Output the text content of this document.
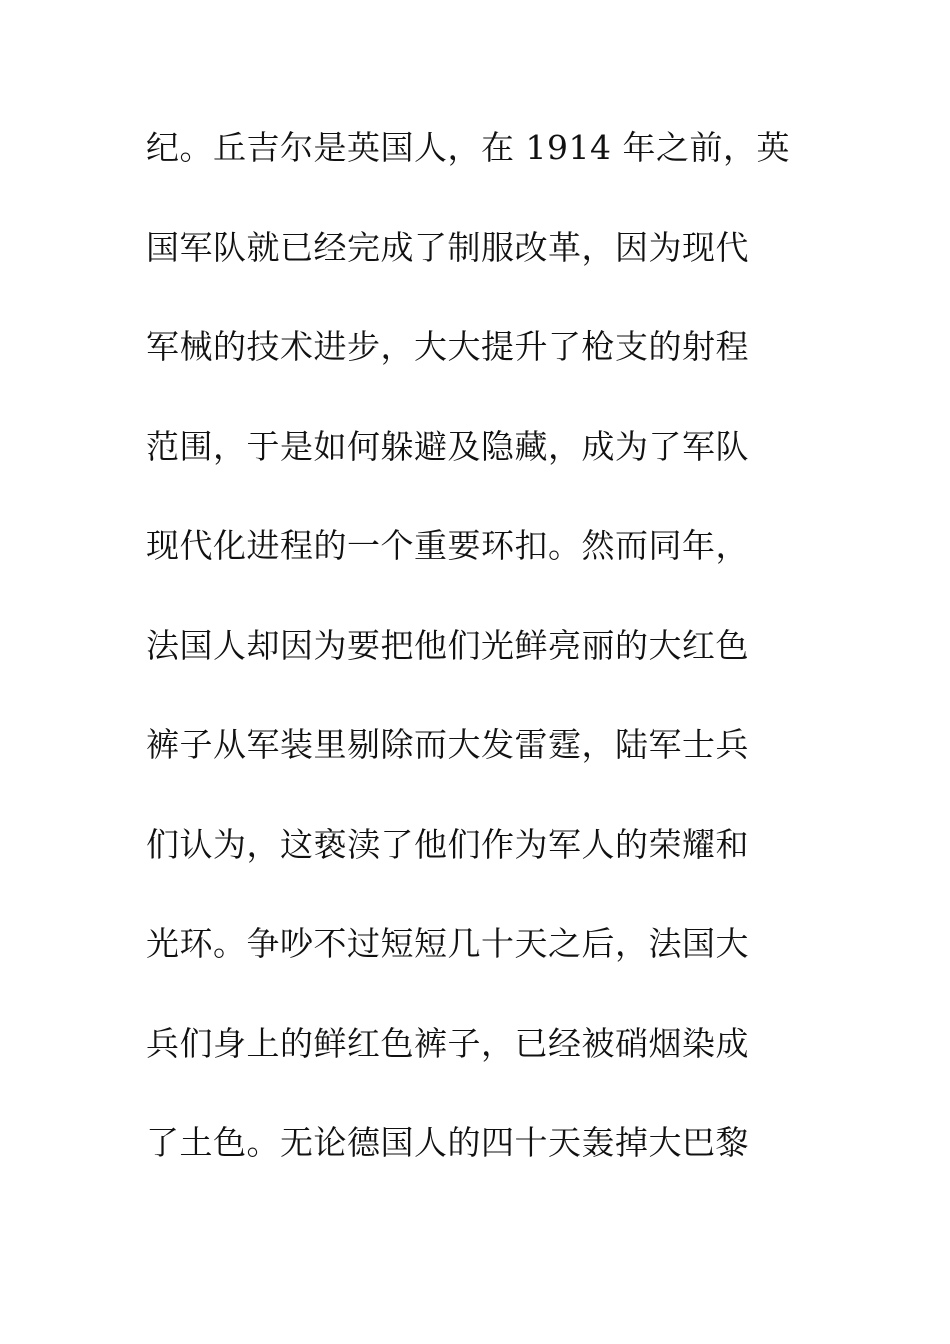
纪。丘吉尔是英国人，在 1914 年之前，英
国军队就已经完成了制服改革，因为现代
军械的技术进步，大大提升了枪支的射程
范围，于是如何躲避及隐藏，成为了军队
现代化进程的一个重要环扣。然而同年，
法国人却因为要把他们光鲜亮丽的大红色
裤子从军装里剔除而大发雷霆，陆军士兵
们认为，这亵渎了他们作为军人的荣耀和
光环。争吵不过短短几十天之后，法国大
兵们身上的鲜红色裤子，已经被硝烟染成
了土色。无论德国人的四十天轰掉大巴黎
